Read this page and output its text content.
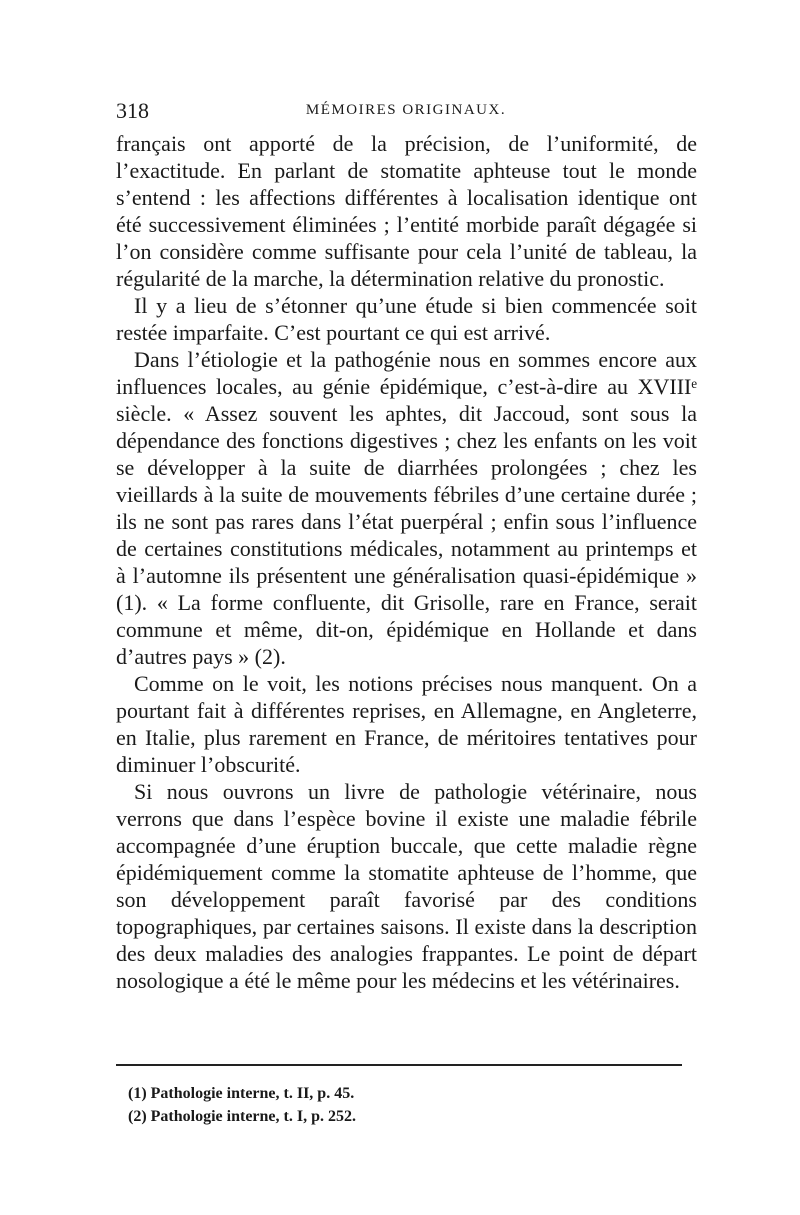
318	MÉMOIRES ORIGINAUX.

français ont apporté de la précision, de l’uniformité, de l’exactitude. En parlant de stomatite aphteuse tout le monde s’entend : les affections différentes à localisation identique ont été successivement éliminées ; l’entité morbide paraît dégagée si l’on considère comme suffisante pour cela l’unité de tableau, la régularité de la marche, la détermination relative du pronostic.

Il y a lieu de s’étonner qu’une étude si bien commencée soit restée imparfaite. C’est pourtant ce qui est arrivé.

Dans l’étiologie et la pathogénie nous en sommes encore aux influences locales, au génie épidémique, c’est-à-dire au XVIIIᵉ siècle. « Assez souvent les aphtes, dit Jaccoud, sont sous la dépendance des fonctions digestives ; chez les enfants on les voit se développer à la suite de diarrhées prolongées ; chez les vieillards à la suite de mouvements fébriles d’une certaine durée ; ils ne sont pas rares dans l’état puerpéral ; enfin sous l’influence de certaines constitutions médicales, notamment au printemps et à l’automne ils présentent une généralisation quasi-épidémique » (1). « La forme confluente, dit Grisolle, rare en France, serait commune et même, dit-on, épidémique en Hollande et dans d’autres pays » (2).

Comme on le voit, les notions précises nous manquent. On a pourtant fait à différentes reprises, en Allemagne, en Angleterre, en Italie, plus rarement en France, de méritoires tentatives pour diminuer l’obscurité.

Si nous ouvrons un livre de pathologie vétérinaire, nous verrons que dans l’espèce bovine il existe une maladie fébrile accompagnée d’une éruption buccale, que cette maladie règne épidémiquement comme la stomatite aphteuse de l’homme, que son développement paraît favorisé par des conditions topographiques, par certaines saisons. Il existe dans la description des deux maladies des analogies frappantes. Le point de départ nosologique a été le même pour les médecins et les vétérinaires.

(1) Pathologie interne, t. II, p. 45.
(2) Pathologie interne, t. I, p. 252.
